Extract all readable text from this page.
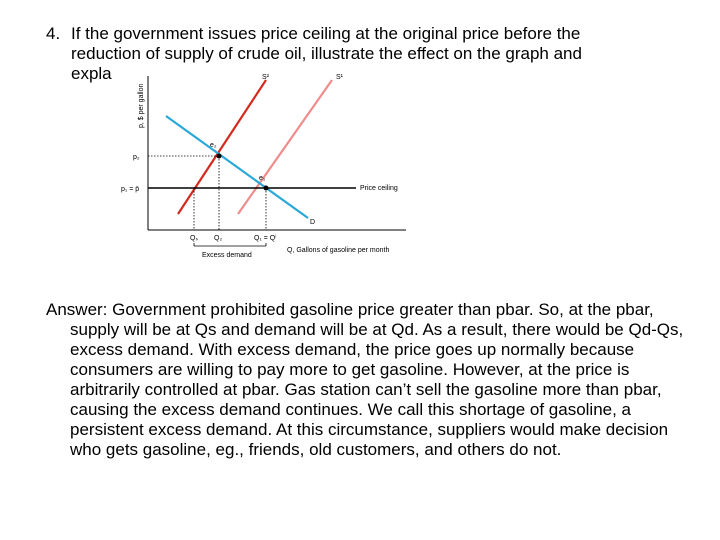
4. If the government issues price ceiling at the original price before the
reduction of supply of crude oil, illustrate the effect on the graph and
expla
p, $ per gallon
S²	S¹
D
Price ceiling
e₂
e₁
p₂
p₁ = p̄
Qₛ Q₂	Q₁ = Qⁱ
Excess demand
Q, Gallons of gasoline per month

Answer: Government prohibited gasoline price greater than pbar. So, at the pbar, supply will be at Qs and demand will be at Qd. As a result, there would be Qd-Qs, excess demand. With excess demand, the price goes up normally because consumers are willing to pay more to get gasoline. However, at the price is arbitrarily controlled at pbar. Gas station can’t sell the gasoline more than pbar, causing the excess demand continues. We call this shortage of gasoline, a persistent excess demand. At this circumstance, suppliers would make decision who gets gasoline, eg., friends, old customers, and others do not.
